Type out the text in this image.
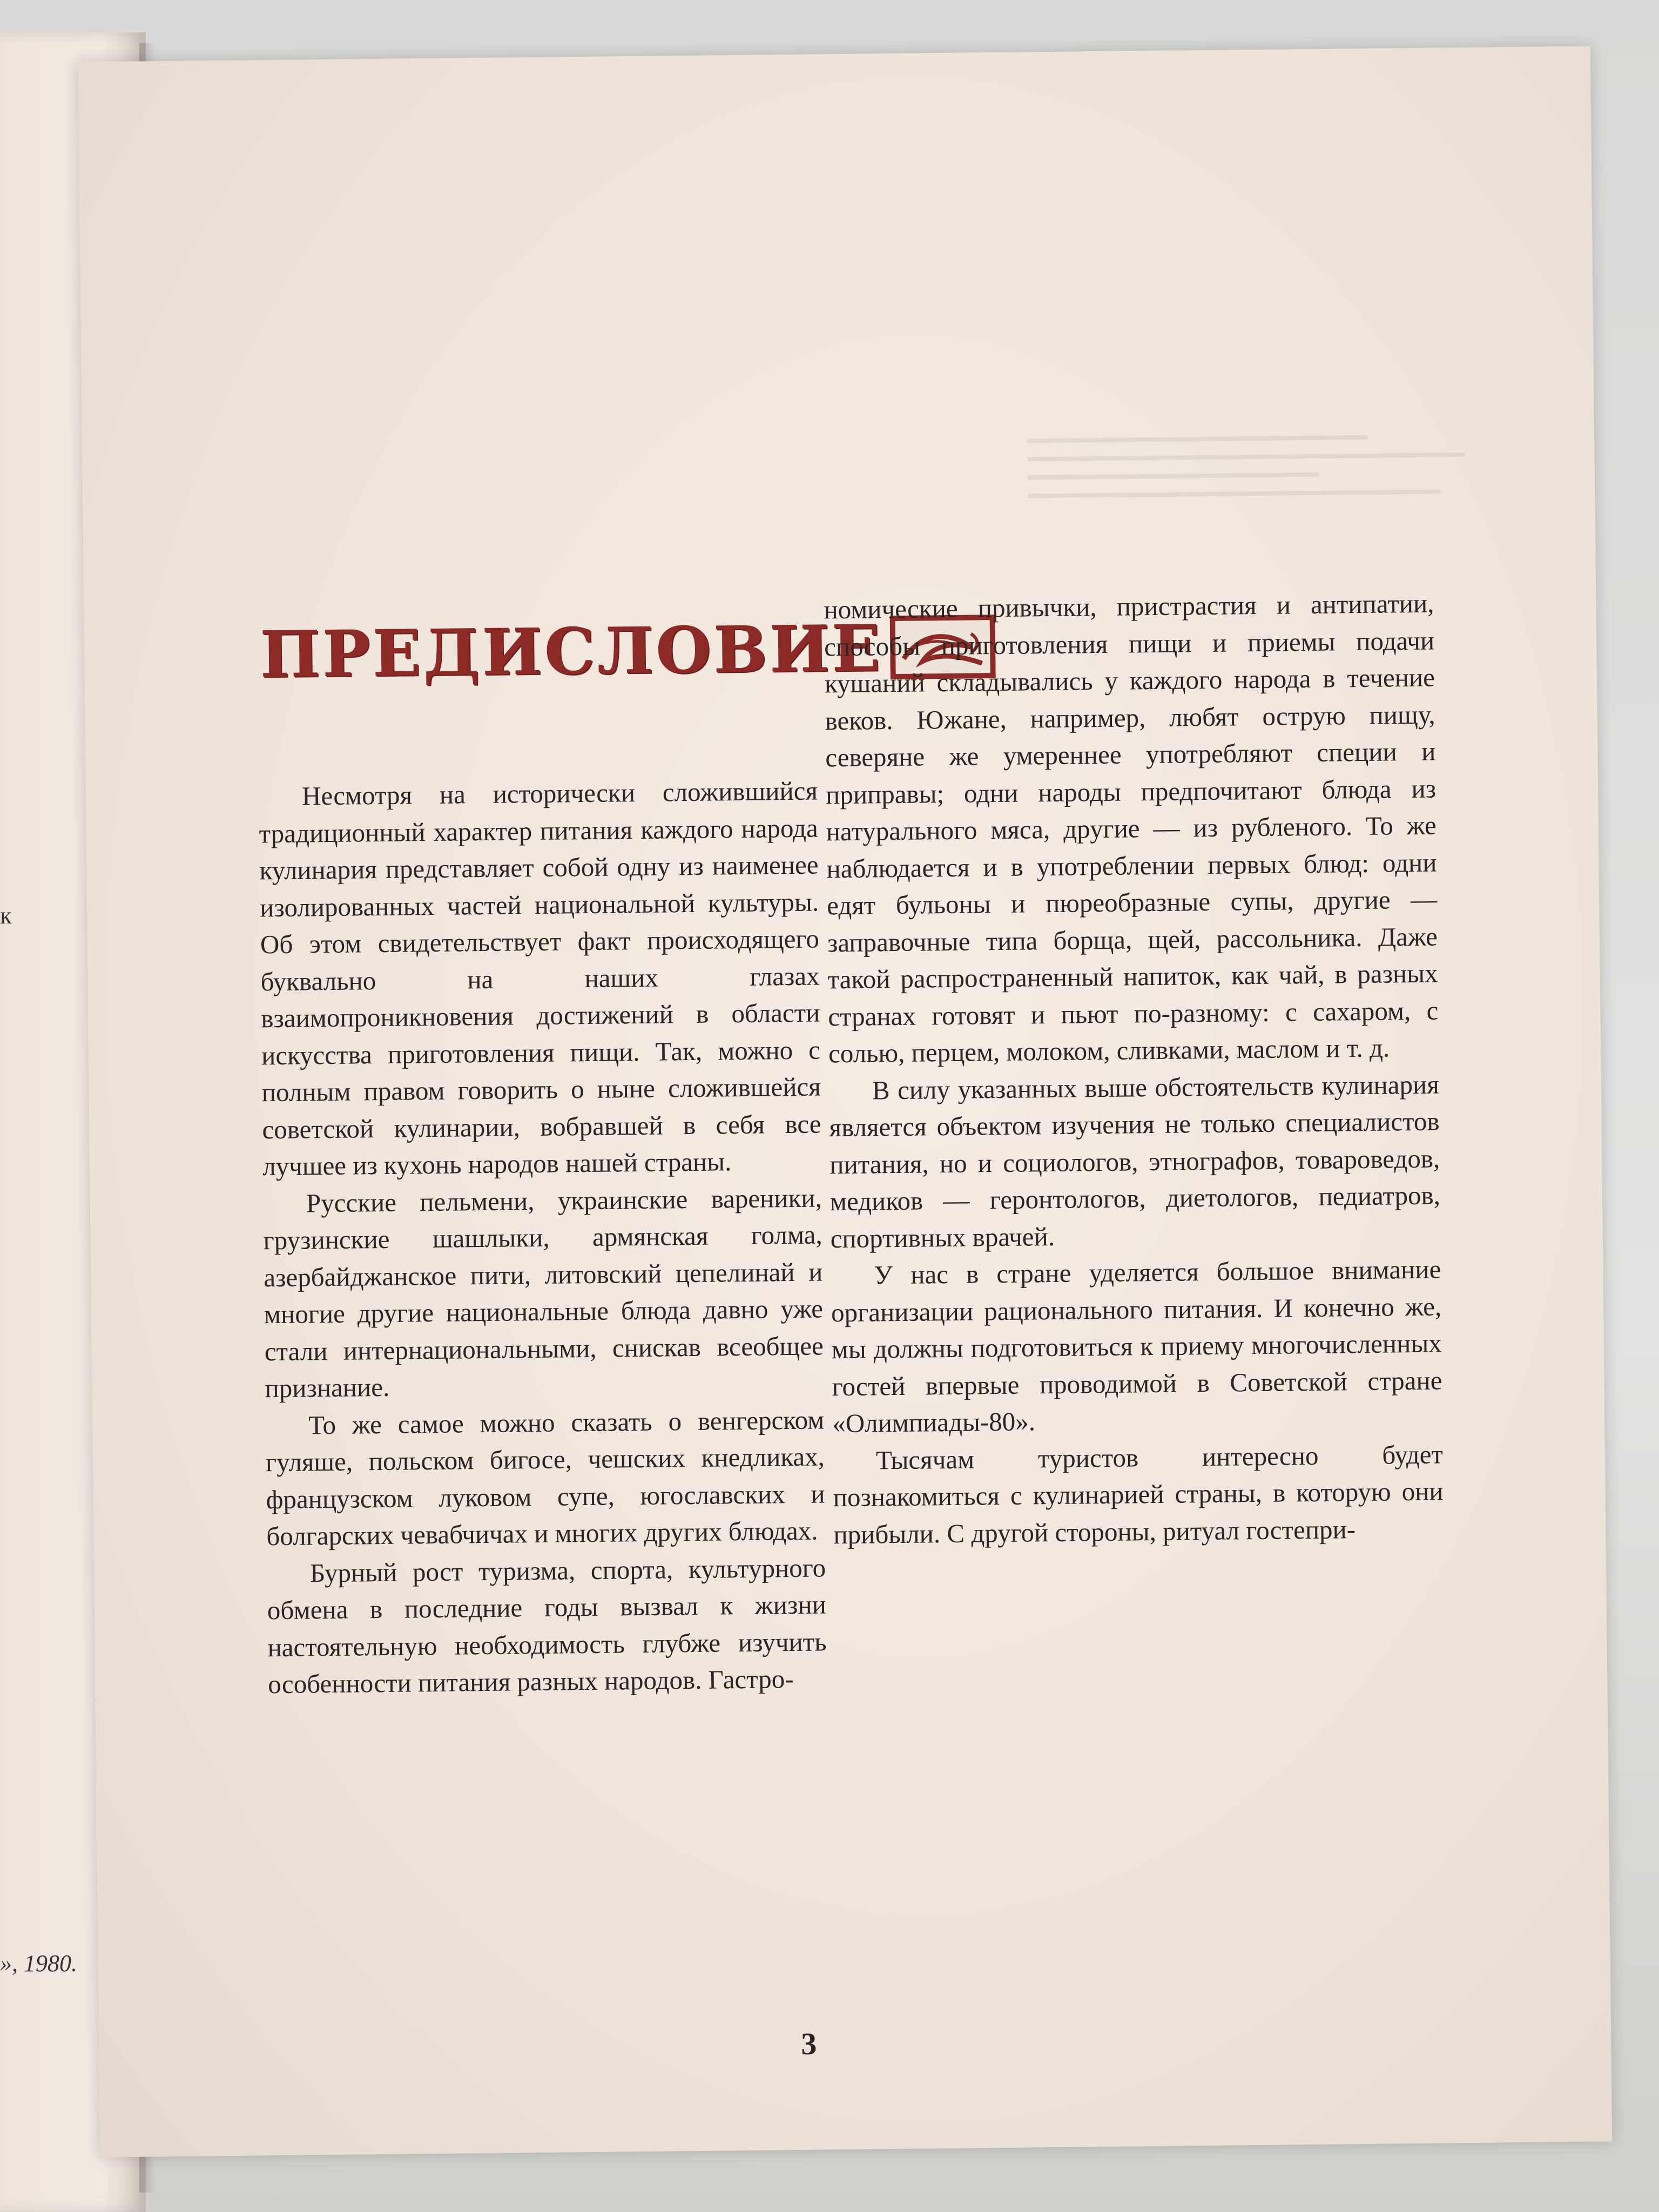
к
», 1980.
ПРЕДИСЛОВИЕ

Несмотря на исторически сложившийся традиционный характер питания каждого народа кулинария представляет собой одну из наименее изолированных частей национальной культуры. Об этом свидетельствует факт происходящего буквально на наших глазах взаимопроникновения достижений в области искусства приготовления пищи. Так, можно с полным правом говорить о ныне сложившейся советской кулинарии, вобравшей в себя все лучшее из кухонь народов нашей страны.

Русские пельмени, украинские вареники, грузинские шашлыки, армянская голма, азербайджанское пити, литовский цепелинай и многие другие национальные блюда давно уже стали интернациональными, снискав всеобщее признание.

То же самое можно сказать о венгерском гуляше, польском бигосе, чешских кнедликах, французском луковом супе, югославских и болгарских чевабчичах и многих других блюдах.

Бурный рост туризма, спорта, культурного обмена в последние годы вызвал к жизни настоятельную необходимость глубже изучить особенности питания разных народов. Гастро-

номические привычки, пристрастия и антипатии, способы приготовления пищи и приемы подачи кушаний складывались у каждого народа в течение веков. Южане, например, любят острую пищу, северяне же умереннее употребляют специи и приправы; одни народы предпочитают блюда из натурального мяса, другие — из рубленого. То же наблюдается и в употреблении первых блюд: одни едят бульоны и пюреобразные супы, другие — заправочные типа борща, щей, рассольника. Даже такой распространенный напиток, как чай, в разных странах готовят и пьют по-разному: с сахаром, с солью, перцем, молоком, сливками, маслом и т. д.

В силу указанных выше обстоятельств кулинария является объектом изучения не только специалистов питания, но и социологов, этнографов, товароведов, медиков — геронтологов, диетологов, педиатров, спортивных врачей.

У нас в стране уделяется большое внимание организации рационального питания. И конечно же, мы должны подготовиться к приему многочисленных гостей впервые проводимой в Советской стране «Олимпиады-80».

Тысячам туристов интересно будет познакомиться с кулинарией страны, в которую они прибыли. С другой стороны, ритуал гостепри-

3
